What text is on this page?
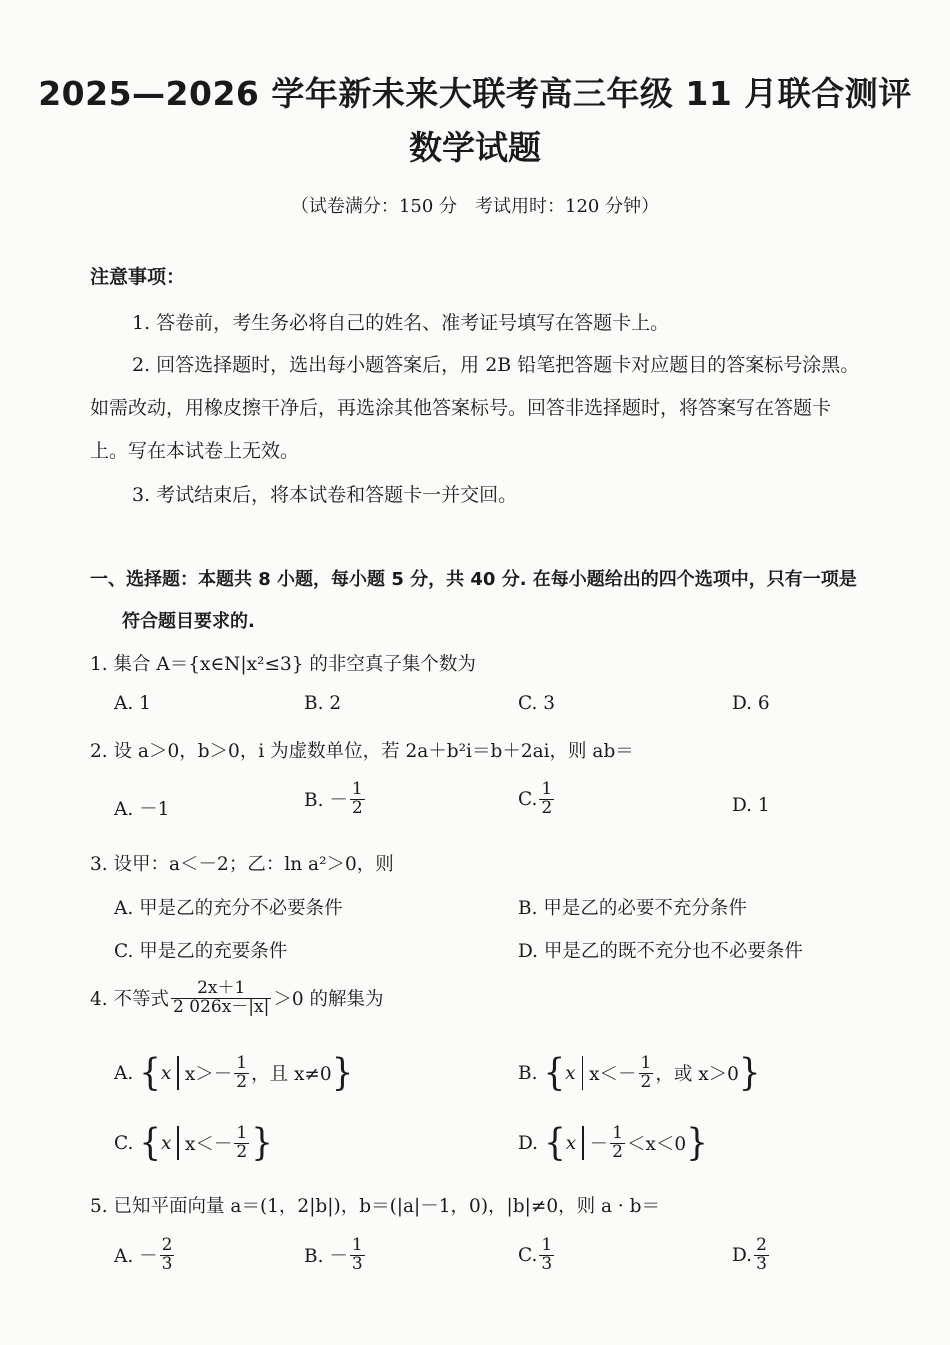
2025—2026 学年新未来大联考高三年级 11 月联合测评
数学试题
（试卷满分：150 分　考试用时：120 分钟）
注意事项：
1. 答卷前，考生务必将自己的姓名、准考证号填写在答题卡上。
2. 回答选择题时，选出每小题答案后，用 2B 铅笔把答题卡对应题目的答案标号涂黑。
如需改动，用橡皮擦干净后，再选涂其他答案标号。回答非选择题时，将答案写在答题卡
上。写在本试卷上无效。
3. 考试结束后，将本试卷和答题卡一并交回。
一、选择题：本题共 8 小题，每小题 5 分，共 40 分. 在每小题给出的四个选项中，只有一项是
符合题目要求的.
1. 集合 A＝{x∈N|x²≤3} 的非空真子集个数为
A. 1	B. 2	C. 3	D. 6
2. 设 a＞0，b＞0，i 为虚数单位，若 2a＋b²i＝b＋2ai，则 ab＝
A. －1	B. － $\frac{1}{2}$	C. $\frac{1}{2}$	D. 1
3. 设甲：a＜－2；乙：ln a²＞0，则
A. 甲是乙的充分不必要条件	B. 甲是乙的必要不充分条件
C. 甲是乙的充要条件	D. 甲是乙的既不充分也不必要条件
4. 不等式 $\frac{2x+1}{2 026x-|x|} >0$ 的解集为
A. { x $x>- \frac{1}{2}$ ，且 x≠0 }	B. { x $x<- \frac{1}{2}$ ，或 x＞0 }
C. { x $x<- \frac{1}{2}$ }	D. { $x - \frac{1}{2} <x<0$ }
5. 已知平面向量 a＝(1，2|b|)，b＝(|a|－1，0)，|b|≠0，则 a · b＝
A. － $\frac{2}{3}$	B. － $\frac{1}{3}$	C. $\frac{1}{3}$	D. $\frac{2}{3}$
